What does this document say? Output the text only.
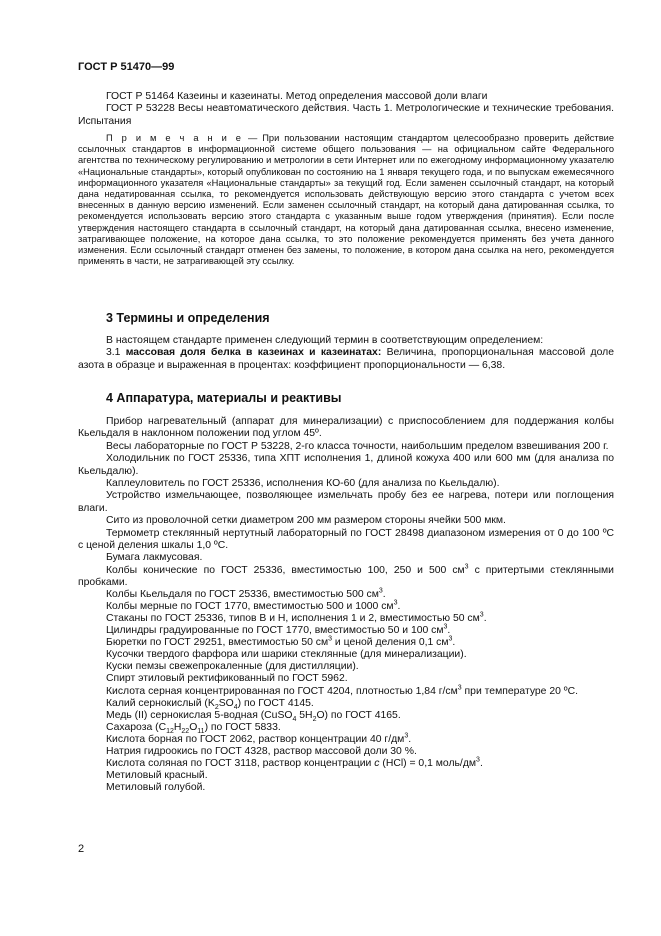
ГОСТ Р 51470—99

ГОСТ Р 51464 Казеины и казеинаты. Метод определения массовой доли влаги

ГОСТ Р 53228 Весы неавтоматического действия. Часть 1. Метрологические и технические требования. Испытания

П р и м е ч а н и е — При пользовании настоящим стандартом целесообразно проверить действие ссылочных стандартов в информационной системе общего пользования — на официальном сайте Федерального агентства по техническому регулированию и метрологии в сети Интернет или по ежегодному информационному указателю «Национальные стандарты», который опубликован по состоянию на 1 января текущего года, и по выпускам ежемесячного информационного указателя «Национальные стандарты» за текущий год. Если заменен ссылочный стандарт, на который дана недатированная ссылка, то рекомендуется использовать действующую версию этого стандарта с учетом всех внесенных в данную версию изменений. Если заменен ссылочный стандарт, на который дана датированная ссылка, то рекомендуется использовать версию этого стандарта с указанным выше годом утверждения (принятия). Если после утверждения настоящего стандарта в ссылочный стандарт, на который дана датированная ссылка, внесено изменение, затрагивающее положение, на которое дана ссылка, то это положение рекомендуется применять без учета данного изменения. Если ссылочный стандарт отменен без замены, то положение, в котором дана ссылка на него, рекомендуется применять в части, не затрагивающей эту ссылку.

3 Термины и определения

В настоящем стандарте применен следующий термин в соответствующим определением:

3.1 массовая доля белка в казеинах и казеинатах: Величина, пропорциональная массовой доле азота в образце и выраженная в процентах: коэффициент пропорциональности — 6,38.

4 Аппаратура, материалы и реактивы

Прибор нагревательный (аппарат для минерализации) с приспособлением для поддержания колбы Кьельдаля в наклонном положении под углом 45º.

Весы лабораторные по ГОСТ Р 53228, 2-го класса точности, наибольшим пределом взвешивания 200 г.

Холодильник по ГОСТ 25336, типа ХПТ исполнения 1, длиной кожуха 400 или 600 мм (для анализа по Кьельдалю).

Каплеуловитель по ГОСТ 25336, исполнения КО-60 (для анализа по Кьельдалю).

Устройство измельчающее, позволяющее измельчать пробу без ее нагрева, потери или поглощения влаги.

Сито из проволочной сетки диаметром 200 мм размером стороны ячейки 500 мкм.

Термометр стеклянный нертутный лабораторный по ГОСТ 28498 диапазоном измерения от 0 до 100 ºС с ценой деления шкалы 1,0 ºС.

Бумага лакмусовая.

Колбы конические по ГОСТ 25336, вместимостью 100, 250 и 500 $см^3$ с притертыми стеклянными пробками.

Колбы Кьельдаля по ГОСТ 25336, вместимостью 500 $см^3$.

Колбы мерные по ГОСТ 1770, вместимостью 500 и 1000 $см^3$.

Стаканы по ГОСТ 25336, типов В и Н, исполнения 1 и 2, вместимостью 50 $см^3$.

Цилиндры градуированные по ГОСТ 1770, вместимостью 50 и 100 $см^3$.

Бюретки по ГОСТ 29251, вместимостью 50 $см^3$ и ценой деления 0,1 $см^3$.

Кусочки твердого фарфора или шарики стеклянные (для минерализации).

Куски пемзы свежепрокаленные (для дистилляции).

Спирт этиловый ректификованный по ГОСТ 5962.

Кислота серная концентрированная по ГОСТ 4204, плотностью 1,84 $г/см^3$ при температуре 20 ºС.

Калий сернокислый $(K_2SO_4)$ по ГОСТ 4145.

Медь (II) сернокислая 5-водная (CuSO$_4$ $5H_2O$) по ГОСТ 4165.

Сахароза $(C_{12}H_{22}O_{11})$ по ГОСТ 5833.

Кислота борная по ГОСТ 2062, раствор концентрации 40 $г/дм^3$.

Натрия гидроокись по ГОСТ 4328, раствор массовой доли 30 %.

Кислота соляная по ГОСТ 3118, раствор концентрации c (HCl) = 0,1 моль/$дм^3$.

Метиловый красный.

Метиловый голубой.

2
